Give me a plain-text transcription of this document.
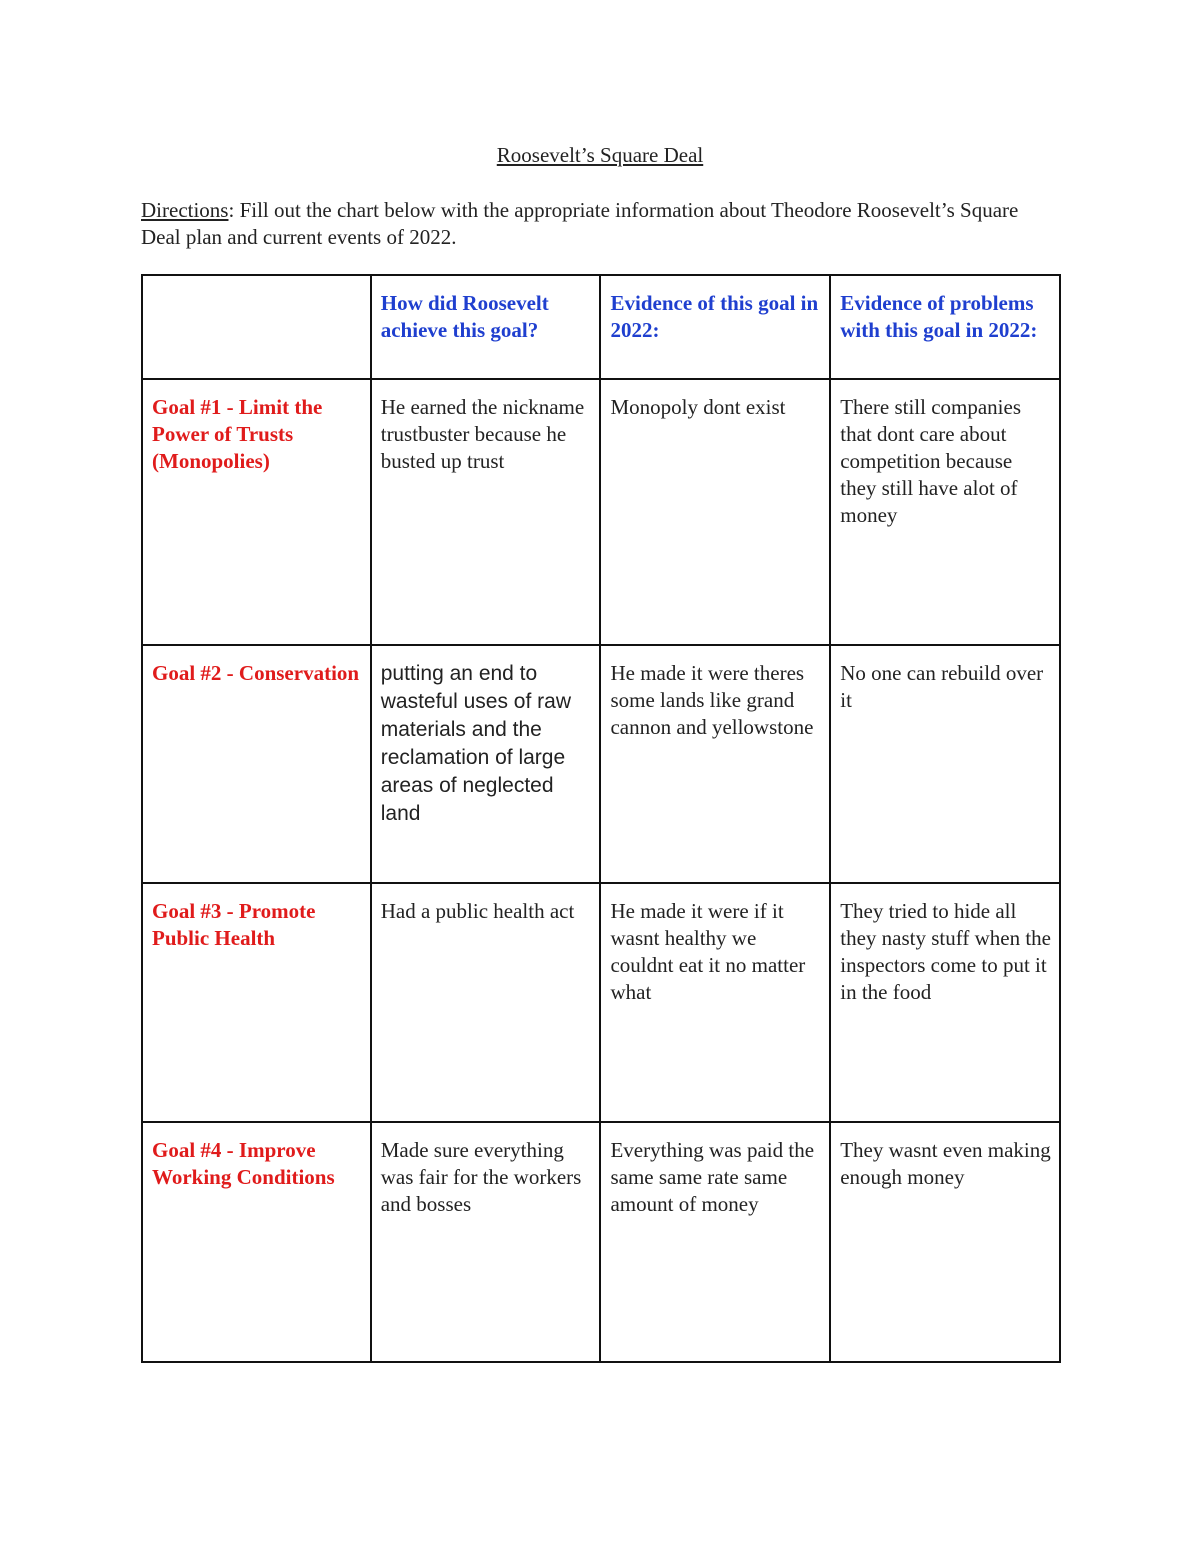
Roosevelt’s Square Deal
Directions: Fill out the chart below with the appropriate information about Theodore Roosevelt’s Square Deal plan and current events of 2022.
	How did Roosevelt achieve this goal?	Evidence of this goal in 2022:	Evidence of problems with this goal in 2022:

Goal #1 - Limit the Power of Trusts (Monopolies)	He earned the nickname trustbuster because he busted up trust	Monopoly dont exist	There still companies that dont care about competition because they still have alot of money

Goal #2 - Conservation	putting an end to wasteful uses of raw materials and the reclamation of large areas of neglected land	He made it were theres some lands like grand cannon and yellowstone	No one can rebuild over it

Goal #3 - Promote Public Health	Had a public health act	He made it were if it wasnt healthy we couldnt eat it no matter what	They tried to hide all they nasty stuff when the inspectors come to put it in the food

Goal #4 - Improve Working Conditions	Made sure everything was fair for the workers and bosses	Everything was paid the same same rate same amount of money	They wasnt even making enough money
